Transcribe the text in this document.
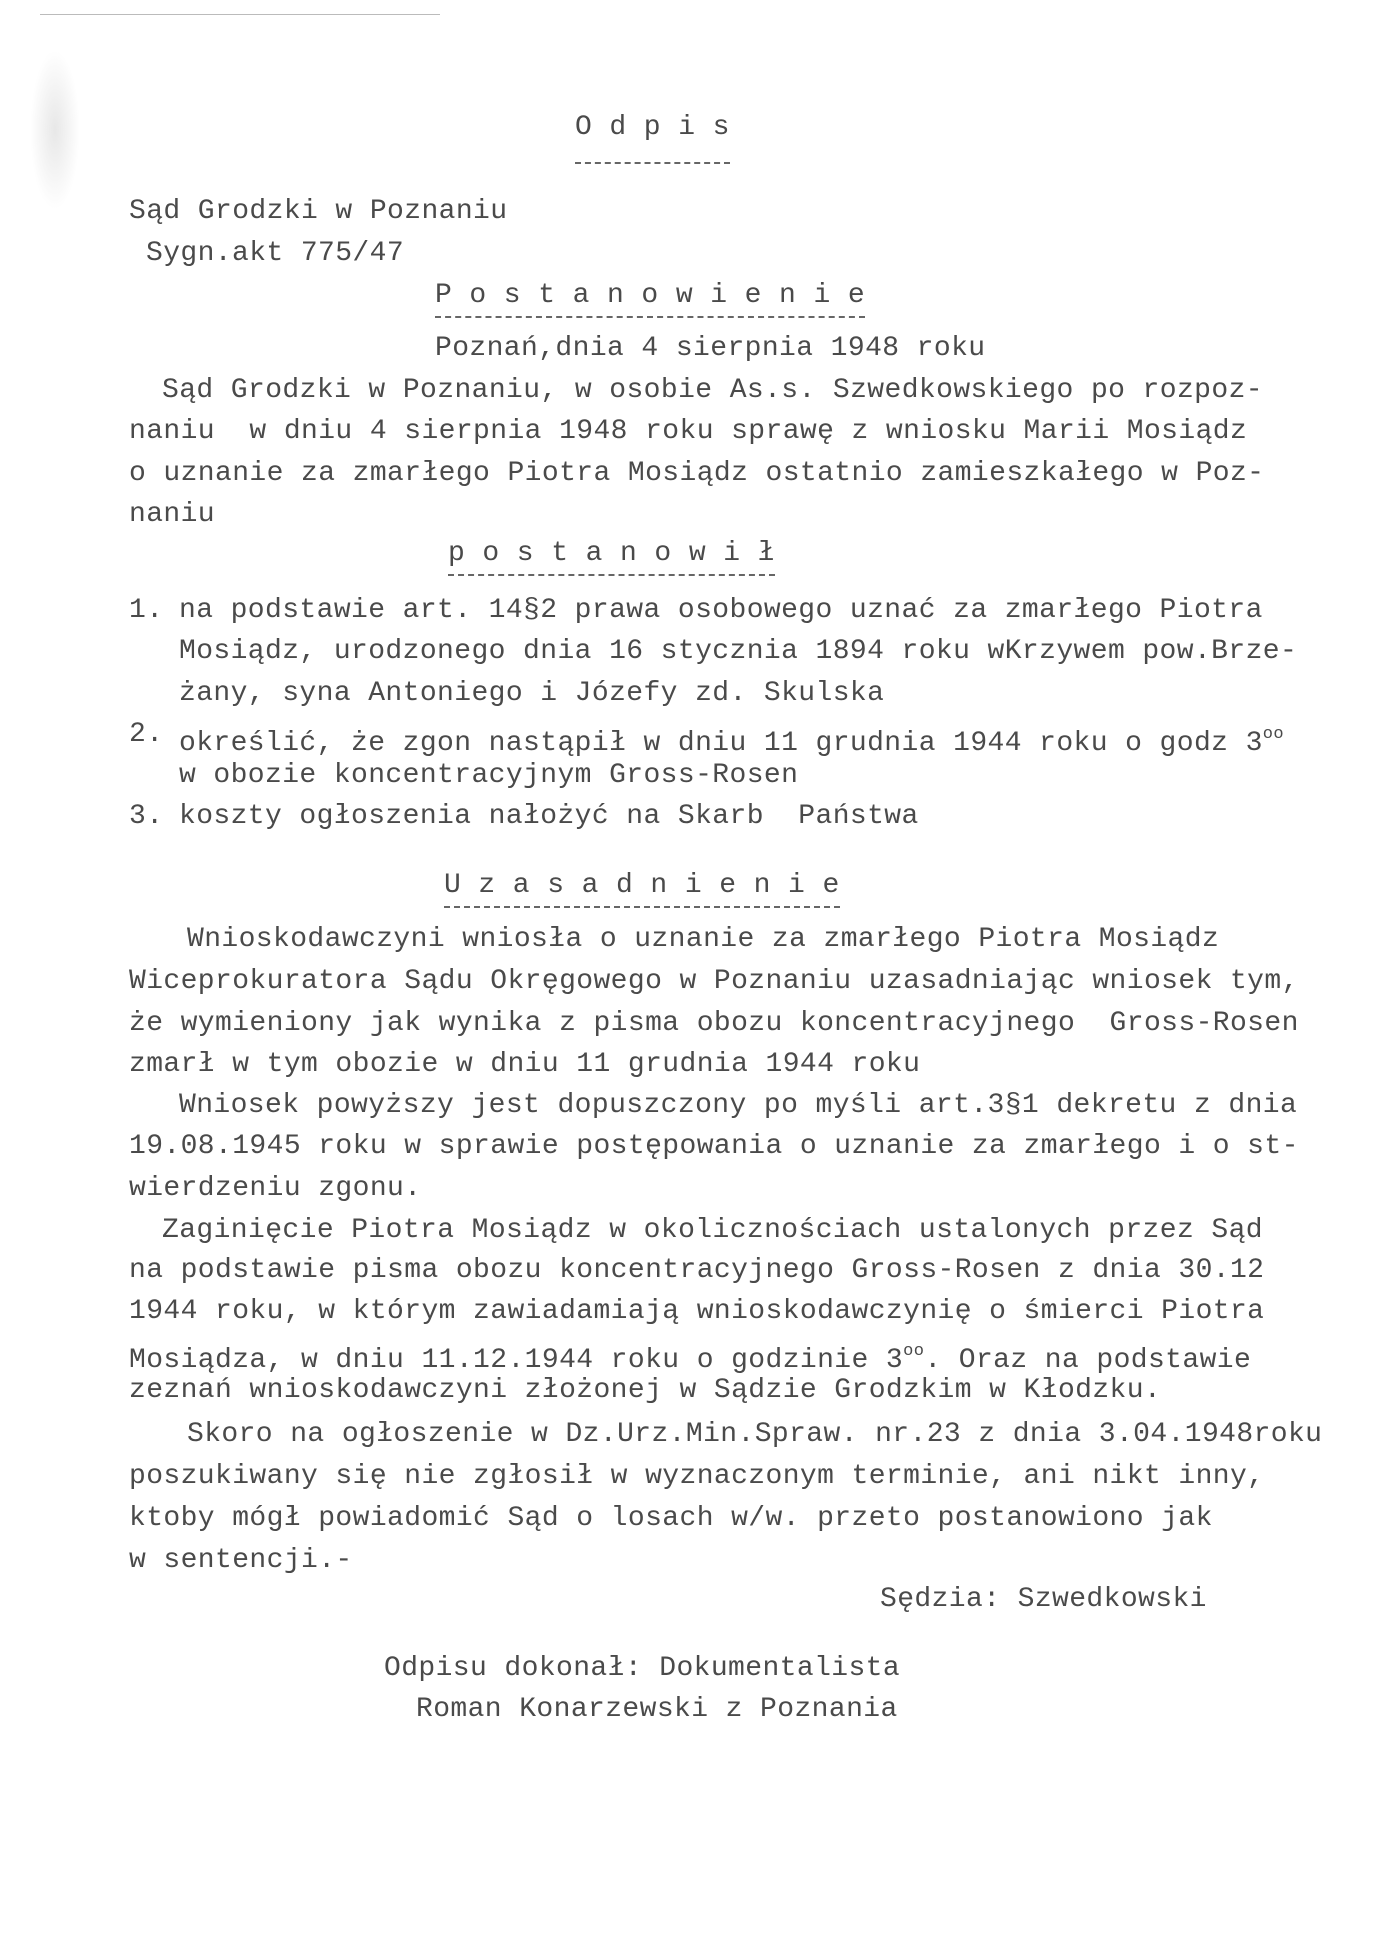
O d p i s
Sąd Grodzki w Poznaniu
Sygn.akt 775/47
P o s t a n o w i e n i e
Poznań,dnia 4 sierpnia 1948 roku
Sąd Grodzki w Poznaniu, w osobie As.s. Szwedkowskiego po rozpoz-
naniu  w dniu 4 sierpnia 1948 roku sprawę z wniosku Marii Mosiądz
o uznanie za zmarłego Piotra Mosiądz ostatnio zamieszkałego w Poz-
naniu
p o s t a n o w i ł
1. na podstawie art. 14§2 prawa osobowego uznać za zmarłego Piotra
Mosiądz, urodzonego dnia 16 stycznia 1894 roku wKrzywem pow.Brze-
żany, syna Antoniego i Józefy zd. Skulska
2. określić, że zgon nastąpił w dniu 11 grudnia 1944 roku o godz $3^{oo}$
w obozie koncentracyjnym Gross-Rosen
3. koszty ogłoszenia nałożyć na Skarb  Państwa
U z a s a d n i e n i e
Wnioskodawczyni wniosła o uznanie za zmarłego Piotra Mosiądz
Wiceprokuratora Sądu Okręgowego w Poznaniu uzasadniając wniosek tym,
że wymieniony jak wynika z pisma obozu koncentracyjnego  Gross-Rosen
zmarł w tym obozie w dniu 11 grudnia 1944 roku
Wniosek powyższy jest dopuszczony po myśli art.3§1 dekretu z dnia
19.08.1945 roku w sprawie postępowania o uznanie za zmarłego i o st-
wierdzeniu zgonu.
Zaginięcie Piotra Mosiądz w okolicznościach ustalonych przez Sąd
na podstawie pisma obozu koncentracyjnego Gross-Rosen z dnia 30.12
1944 roku, w którym zawiadamiają wnioskodawczynię o śmierci Piotra
Mosiądza, w dniu 11.12.1944 roku o godzinie $3^{oo}$. Oraz na podstawie
zeznań wnioskodawczyni złożonej w Sądzie Grodzkim w Kłodzku.
Skoro na ogłoszenie w Dz.Urz.Min.Spraw. nr.23 z dnia 3.04.1948roku
poszukiwany się nie zgłosił w wyznaczonym terminie, ani nikt inny,
ktoby mógł powiadomić Sąd o losach w/w. przeto postanowiono jak
w sentencji.-
Sędzia: Szwedkowski
Odpisu dokonał: Dokumentalista
Roman Konarzewski z Poznania
